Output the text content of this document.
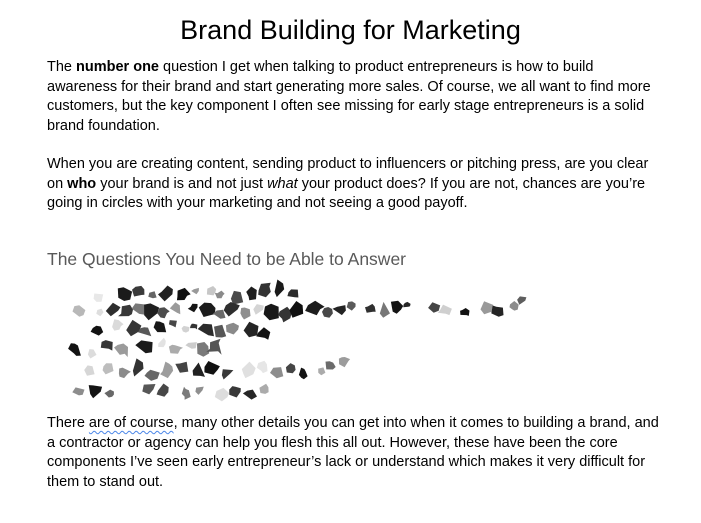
Brand Building for Marketing

The number one question I get when talking to product entrepreneurs is how to build awareness for their brand and start generating more sales. Of course, we all want to find more customers, but the key component I often see missing for early stage entrepreneurs is a solid brand foundation.

When you are creating content, sending product to influencers or pitching press, are you clear on who your brand is and not just what your product does? If you are not, chances are you’re going in circles with your marketing and not seeing a good payoff.

The Questions You Need to be Able to Answer

There are of course, many other details you can get into when it comes to building a brand, and a contractor or agency can help you flesh this all out. However, these have been the core components I’ve seen early entrepreneur’s lack or understand which makes it very difficult for them to stand out.
